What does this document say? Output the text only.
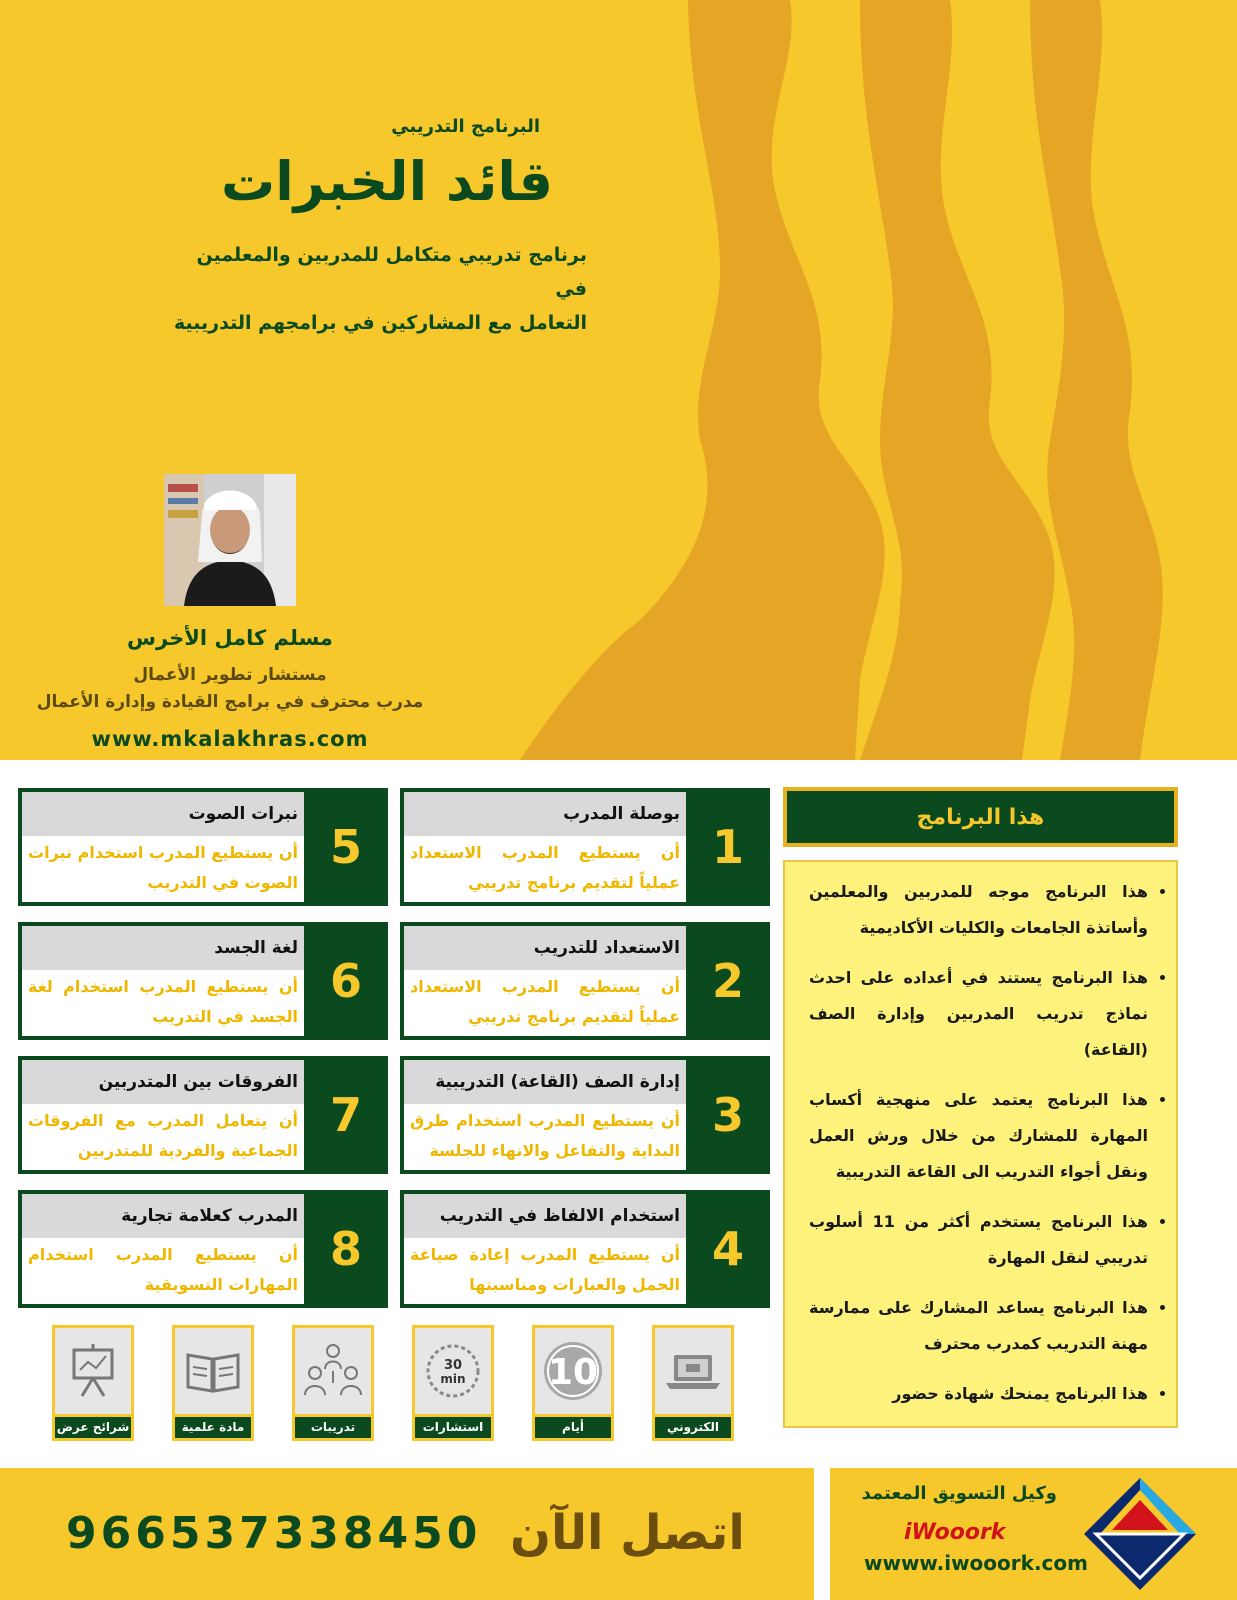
البرنامج التدريبي
قائد الخبرات
برنامج تدريبي متكامل للمدربين والمعلمين في
التعامل مع المشاركين في برامجهم التدريبية
مسلم كامل الأخرس
مستشار تطوير الأعمال
مدرب محترف في برامج القيادة وإدارة الأعمال
www.mkalakhras.com
1
بوصلة المدرب
أن يستطيع المدرب الاستعداد عملياً لتقديم برنامج تدريبي
2
الاستعداد للتدريب
أن يستطيع المدرب الاستعداد عملياً لتقديم برنامج تدريبي
3
إدارة الصف (القاعة) التدريبية
أن يستطيع المدرب استخدام طرق البداية والتفاعل والانهاء للجلسة
4
استخدام الالفاظ في التدريب
أن يستطيع المدرب إعادة صياغة الجمل والعبارات ومناسبتها
5
نبرات الصوت
أن يستطيع المدرب استخدام نبرات الصوت في التدريب
6
لغة الجسد
أن يستطيع المدرب استخدام لغة الجسد في التدريب
7
الفروقات بين المتدربين
أن يتعامل المدرب مع الفروقات الجماعية والفردية للمتدربين
8
المدرب كعلامة تجارية
أن يستطيع المدرب استخدام المهارات التسويقية
هذا البرنامج
• هذا البرنامج موجه للمدربين والمعلمين وأساتذة الجامعات والكليات الأكاديمية
• هذا البرنامج يستند في أعداده على احدث نماذج تدريب المدربين وإدارة الصف (القاعة)
• هذا البرنامج يعتمد على منهجية أكساب المهارة للمشارك من خلال ورش العمل ونقل أجواء التدريب الى القاعة التدريبية
• هذا البرنامج يستخدم أكثر من 11 أسلوب تدريبي لنقل المهارة
• هذا البرنامج يساعد المشارك على ممارسة مهنة التدريب كمدرب محترف
• هذا البرنامج يمنحك شهادة حضور
شرائح عرض	مادة علمية	تدريبات
30
min
استشارات
10
أيام	الكتروني
966537338450 اتصل الآن
وكيل التسويق المعتمد
iWooork
wwww.iwooork.com
